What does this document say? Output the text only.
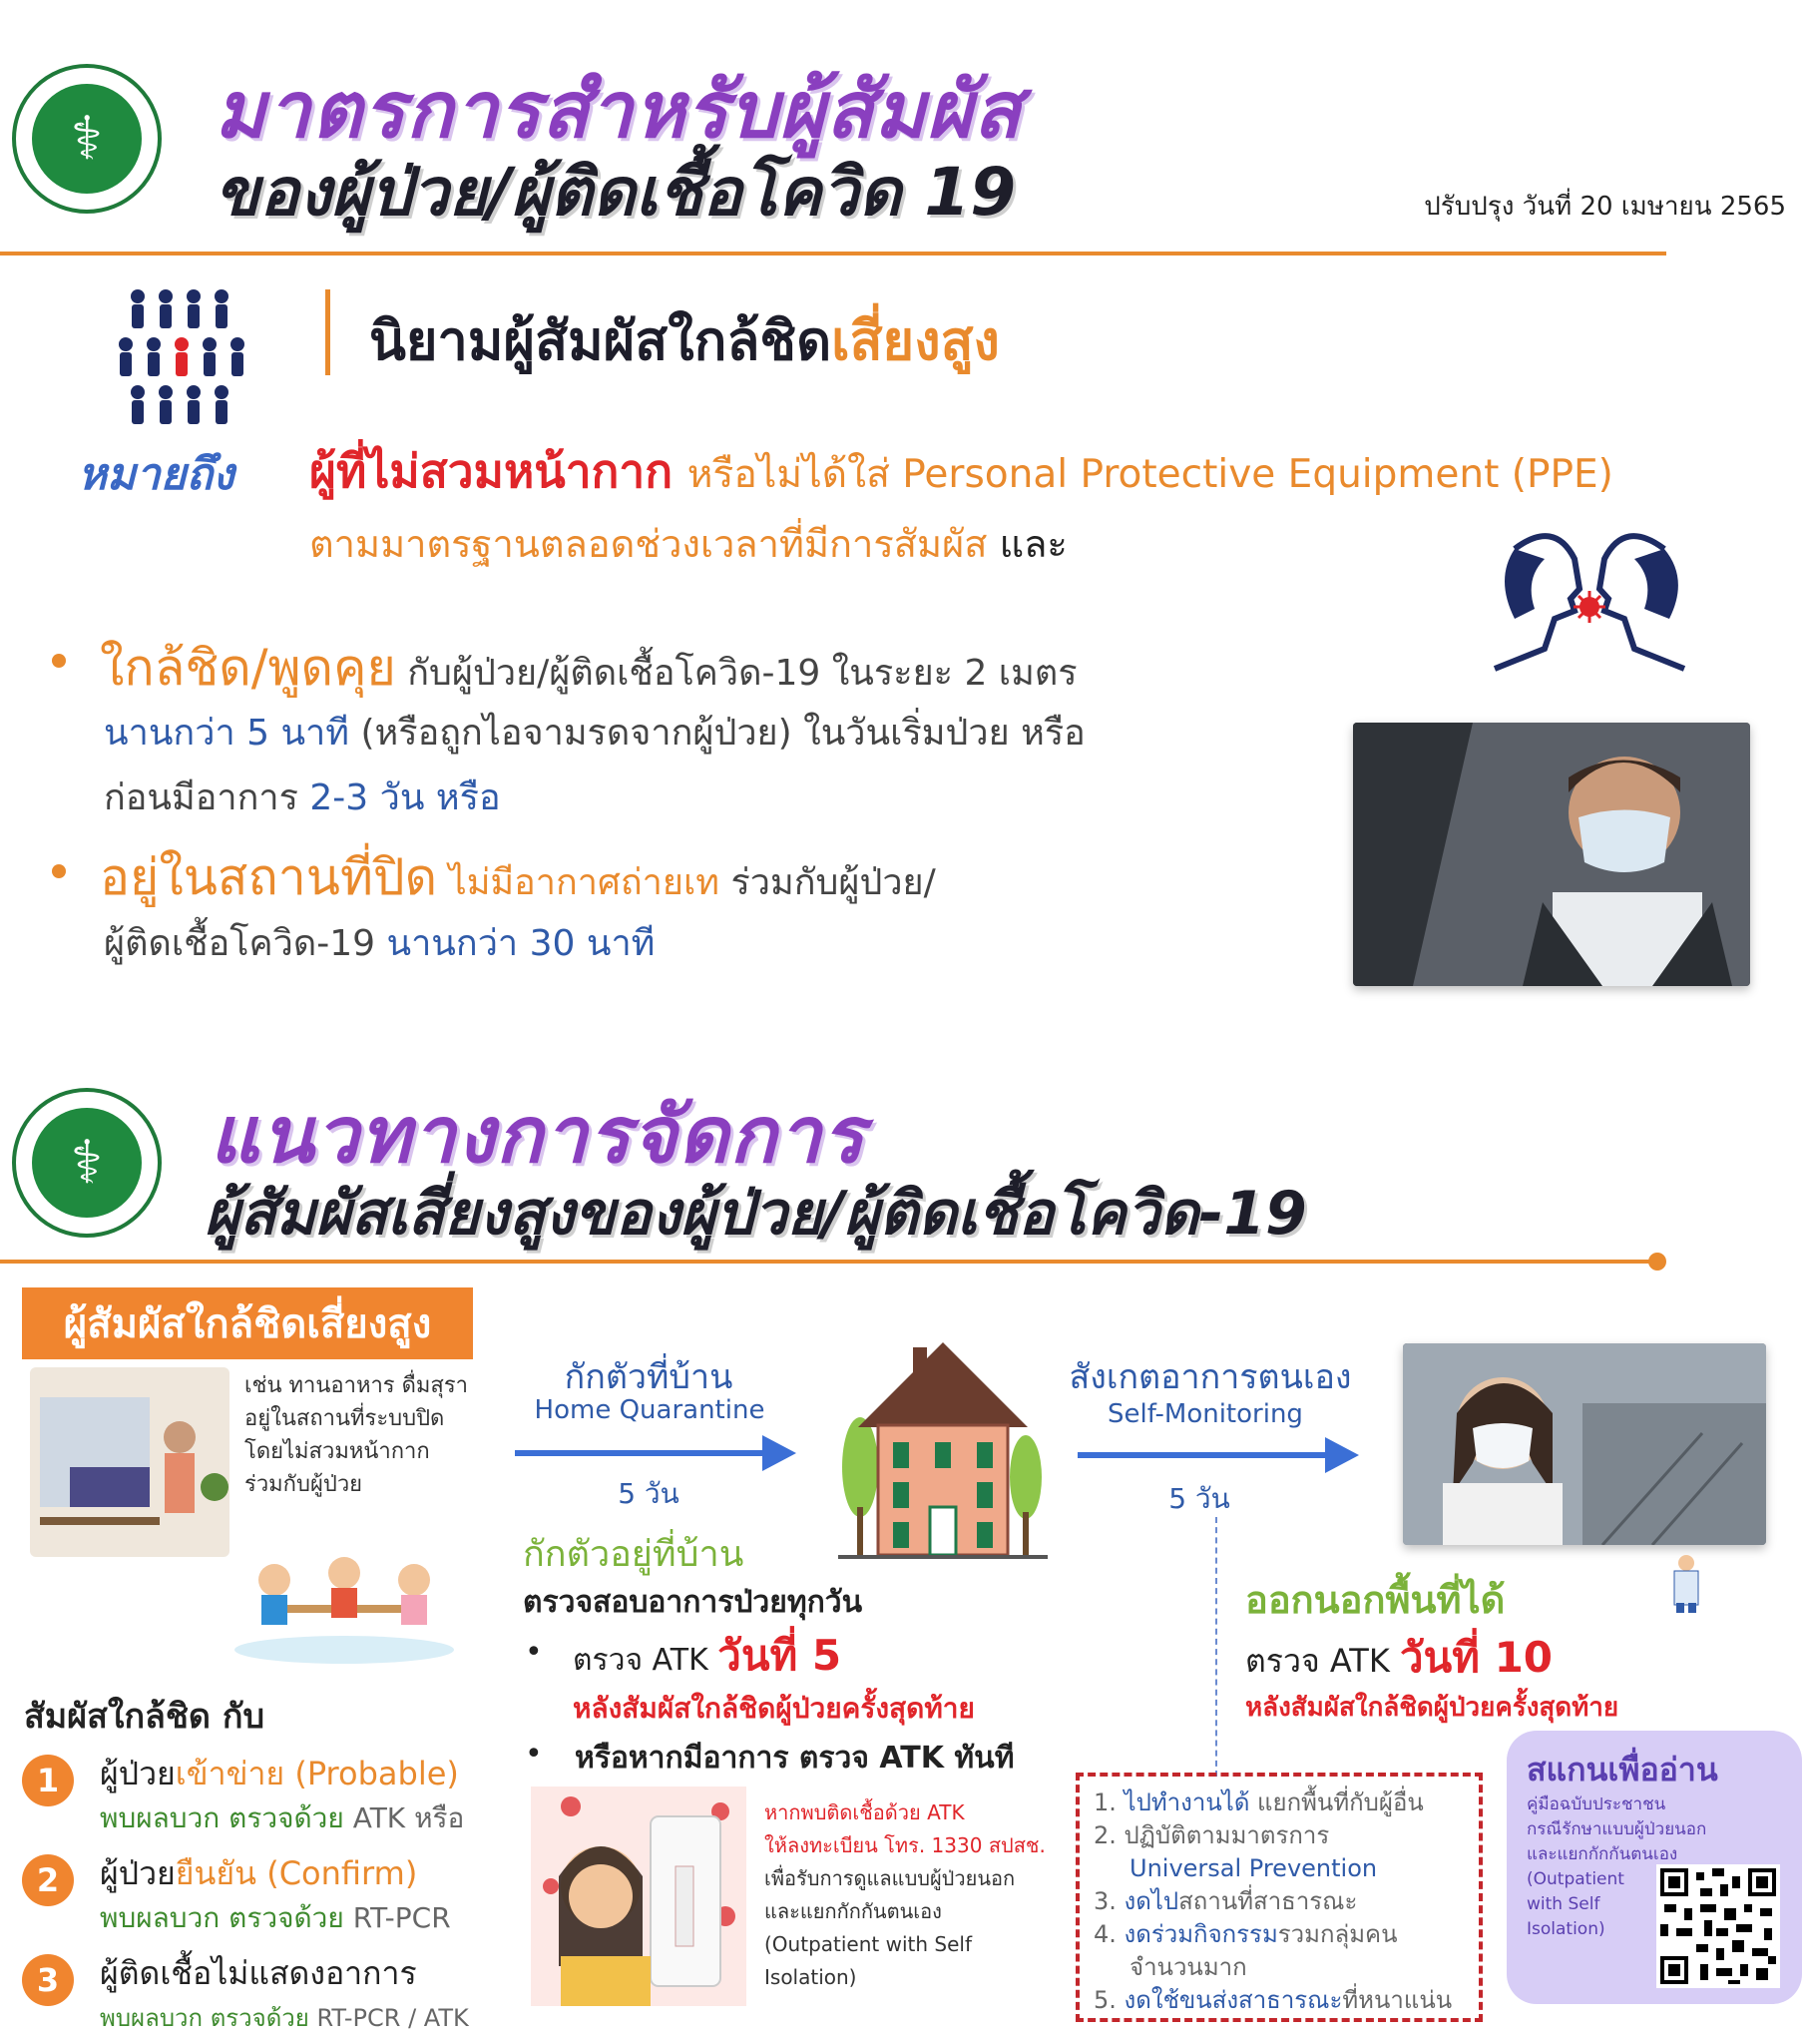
⚕	มาตรการสำหรับผู้สัมผัส
ของผู้ป่วย/ผู้ติดเชื้อโควิด 19	ปรับปรุง วันที่ 20 เมษายน 2565
นิยามผู้สัมผัสใกล้ชิดเสี่ยงสูง
หมายถึง ผู้ที่ไม่สวมหน้ากาก หรือไม่ได้ใส่ Personal Protective Equipment (PPE)
ตามมาตรฐานตลอดช่วงเวลาที่มีการสัมผัส และ
ใกล้ชิด/พูดคุย กับผู้ป่วย/ผู้ติดเชื้อโควิด-19 ในระยะ 2 เมตร
นานกว่า 5 นาที (หรือถูกไอจามรดจากผู้ป่วย) ในวันเริ่มป่วย หรือ
ก่อนมีอาการ 2-3 วัน หรือ
อยู่ในสถานที่ปิด ไม่มีอากาศถ่ายเท ร่วมกับผู้ป่วย/
ผู้ติดเชื้อโควิด-19 นานกว่า 30 นาที
⚕	แนวทางการจัดการ
ผู้สัมผัสเสี่ยงสูงของผู้ป่วย/ผู้ติดเชื้อโควิด-19
ผู้สัมผัสใกล้ชิดเสี่ยงสูง
เช่น ทานอาหาร ดื่มสุรา
อยู่ในสถานที่ระบบปิด
โดยไม่สวมหน้ากาก
ร่วมกับผู้ป่วย
สัมผัสใกล้ชิด กับ
1	ผู้ป่วยเข้าข่าย (Probable)
พบผลบวก ตรวจด้วย ATK หรือ
2	ผู้ป่วยยืนยัน (Confirm)
พบผลบวก ตรวจด้วย RT-PCR
3	ผู้ติดเชื้อไม่แสดงอาการ
พบผลบวก ตรวจด้วย RT-PCR / ATK
กักตัวที่บ้าน
Home Quarantine
5 วัน
สังเกตอาการตนเอง
Self-Monitoring
5 วัน
กักตัวอยู่ที่บ้าน
ตรวจสอบอาการป่วยทุกวัน
• ตรวจ ATK วันที่ 5
หลังสัมผัสใกล้ชิดผู้ป่วยครั้งสุดท้าย
• หรือหากมีอาการ ตรวจ ATK ทันที
หากพบติดเชื้อด้วย ATK
ให้ลงทะเบียน โทร. 1330 สปสช.
เพื่อรับการดูแลแบบผู้ป่วยนอก
และแยกกักกันตนเอง
(Outpatient with Self
Isolation)
ออกนอกพื้นที่ได้
ตรวจ ATK วันที่ 10
หลังสัมผัสใกล้ชิดผู้ป่วยครั้งสุดท้าย
1. ไปทำงานได้ แยกพื้นที่กับผู้อื่น
2. ปฏิบัติตามมาตรการ
Universal Prevention
3. งดไปสถานที่สาธารณะ
4. งดร่วมกิจกรรมรวมกลุ่มคน
จำนวนมาก
5. งดใช้ขนส่งสาธารณะที่หนาแน่น
สแกนเพื่ออ่าน
คู่มือฉบับประชาชน
กรณีรักษาแบบผู้ป่วยนอก
และแยกกักกันตนเอง
(Outpatient
with Self
Isolation)
